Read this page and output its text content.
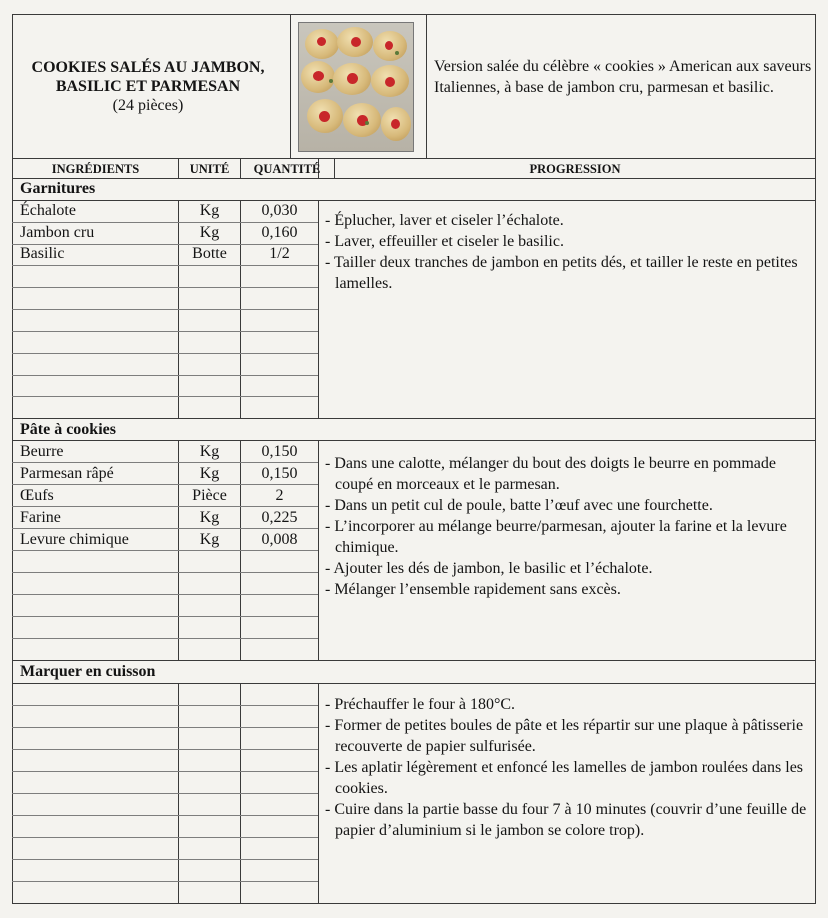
COOKIES SALÉS AU JAMBON,
BASILIC ET PARMESAN
(24 pièces)
Version salée du célèbre « cookies » American aux saveurs Italiennes, à base de jambon cru, parmesan et basilic.
INGRÉDIENTS	UNITÉ	QUANTITÉ	PROGRESSION
Garnitures
Échalote	Kg	0,030
Jambon cru	Kg	0,160
Basilic	Botte	1/2
- Éplucher, laver et ciseler l’échalote.
- Laver, effeuiller et ciseler le basilic.
- Tailler deux tranches de jambon en petits dés, et tailler le reste en petites lamelles.
Pâte à cookies
Beurre	Kg	0,150
Parmesan râpé	Kg	0,150
Œufs	Pièce	2
Farine	Kg	0,225
Levure chimique	Kg	0,008
- Dans une calotte, mélanger du bout des doigts le beurre en pommade coupé en morceaux et le parmesan.
- Dans un petit cul de poule, batte l’œuf avec une fourchette.
- L’incorporer au mélange beurre/parmesan, ajouter la farine et la levure chimique.
- Ajouter les dés de jambon, le basilic et l’échalote.
- Mélanger l’ensemble rapidement sans excès.
Marquer en cuisson
- Préchauffer le four à 180°C.
- Former de petites boules de pâte et les répartir sur une plaque à pâtisserie recouverte de papier sulfurisée.
- Les aplatir légèrement et enfoncé les lamelles de jambon roulées dans les cookies.
- Cuire dans la partie basse du four 7 à 10 minutes (couvrir d’une feuille de papier d’aluminium si le jambon se colore trop).
